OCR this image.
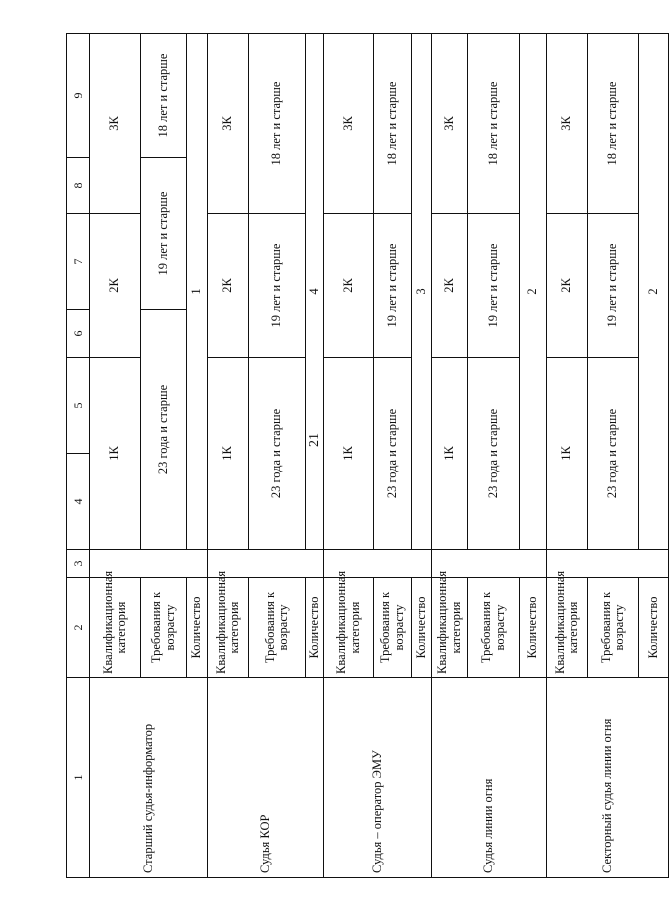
21
1	2	3	4	5	6	7	8	9
Старший судья-информатор	Квалификационная категория		1К		2К		3К	
	Требования к возрасту		23 года и старше			19 лет и старше		18 лет и старше
	Количество		1					
Судья КОР	Квалификационная категория		1К		2К		3К	
	Требования к возрасту		23 года и старше		19 лет и старше		18 лет и старше	
	Количество		4					
Судья – оператор ЭМУ	Квалификационная категория		1К		2К		3К	
	Требования к возрасту		23 года и старше		19 лет и старше		18 лет и старше	
	Количество		3					
Судья линии огня	Квалификационная категория		1К		2К		3К	
	Требования к возрасту		23 года и старше		19 лет и старше		18 лет и старше	
	Количество		2					
Секторный судья линии огня	Квалификационная категория		1К		2К		3К	
	Требования к возрасту		23 года и старше		19 лет и старше		18 лет и старше	
	Количество		2					
